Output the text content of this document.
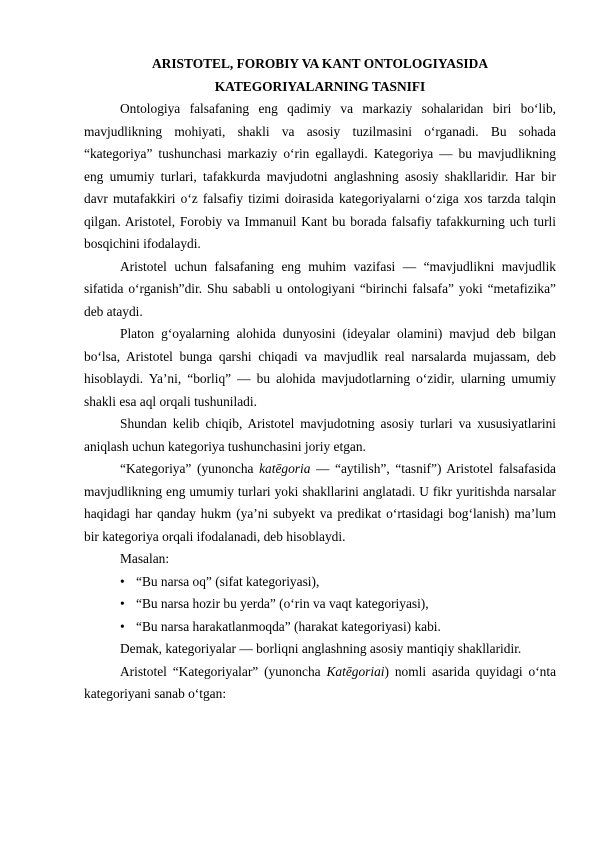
ARISTOTEL, FOROBIY VA KANT ONTOLOGIYASIDA
KATEGORIYALARNING TASNIFI

Ontologiya falsafaning eng qadimiy va markaziy sohalaridan biri bo‘lib, mavjudlikning mohiyati, shakli va asosiy tuzilmasini o‘rganadi. Bu sohada “kategoriya” tushunchasi markaziy o‘rin egallaydi. Kategoriya — bu mavjudlikning eng umumiy turlari, tafakkurda mavjudotni anglashning asosiy shakllaridir. Har bir davr mutafakkiri o‘z falsafiy tizimi doirasida kategoriyalarni o‘ziga xos tarzda talqin qilgan. Aristotel, Forobiy va Immanuil Kant bu borada falsafiy tafakkurning uch turli bosqichini ifodalaydi.

Aristotel uchun falsafaning eng muhim vazifasi — “mavjudlikni mavjudlik sifatida o‘rganish”dir. Shu sababli u ontologiyani “birinchi falsafa” yoki “metafizika” deb ataydi.

Platon g‘oyalarning alohida dunyosini (ideyalar olamini) mavjud deb bilgan bo‘lsa, Aristotel bunga qarshi chiqadi va mavjudlik real narsalarda mujassam, deb hisoblaydi. Ya’ni, “borliq” — bu alohida mavjudotlarning o‘zidir, ularning umumiy shakli esa aql orqali tushuniladi.

Shundan kelib chiqib, Aristotel mavjudotning asosiy turlari va xususiyatlarini aniqlash uchun kategoriya tushunchasini joriy etgan.

“Kategoriya” (yunoncha katēgoria — “aytilish”, “tasnif”) Aristotel falsafasida mavjudlikning eng umumiy turlari yoki shakllarini anglatadi. U fikr yuritishda narsalar haqidagi har qanday hukm (ya’ni subyekt va predikat o‘rtasidagi bog‘lanish) ma’lum bir kategoriya orqali ifodalanadi, deb hisoblaydi.

Masalan:

• “Bu narsa oq” (sifat kategoriyasi),
• “Bu narsa hozir bu yerda” (o‘rin va vaqt kategoriyasi),
• “Bu narsa harakatlanmoqda” (harakat kategoriyasi) kabi.

Demak, kategoriyalar — borliqni anglashning asosiy mantiqiy shakllaridir.

Aristotel “Kategoriyalar” (yunoncha Katēgoriai) nomli asarida quyidagi o‘nta kategoriyani sanab o‘tgan:
